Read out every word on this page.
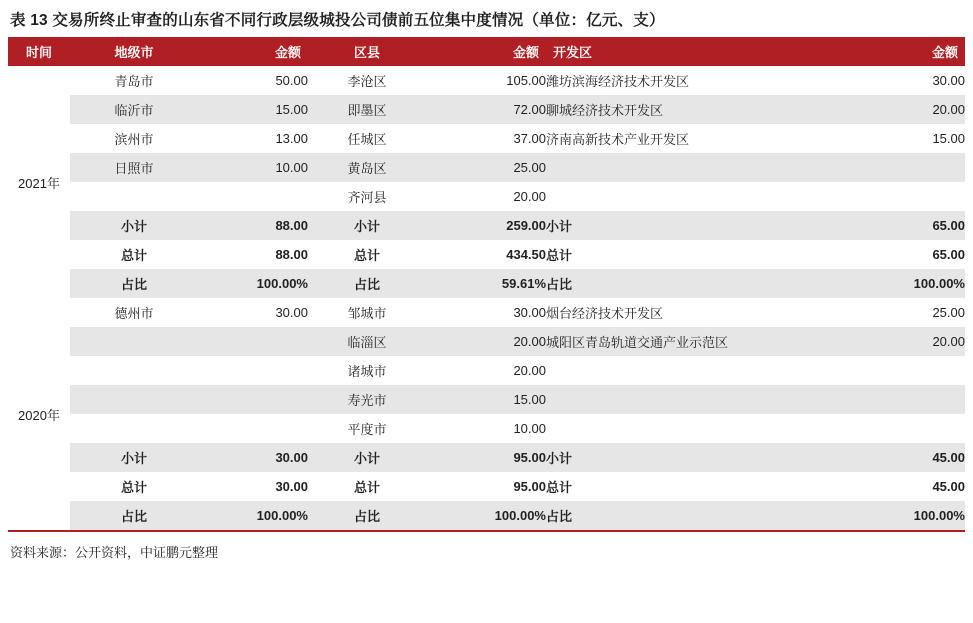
表 13 交易所终止审查的山东省不同行政层级城投公司债前五位集中度情况（单位：亿元、支）
时间	地级市	金额	区县	金额	开发区	金额
2021年	青岛市	50.00	李沧区	105.00	潍坊滨海经济技术开发区	30.00
	临沂市	15.00	即墨区	72.00	聊城经济技术开发区	20.00
	滨州市	13.00	任城区	37.00	济南高新技术产业开发区	15.00
	日照市	10.00	黄岛区	25.00		
			齐河县	20.00		
	小计	88.00	小计	259.00	小计	65.00
	总计	88.00	总计	434.50	总计	65.00
	占比	100.00%	占比	59.61%	占比	100.00%
2020年	德州市	30.00	邹城市	30.00	烟台经济技术开发区	25.00
			临淄区	20.00	城阳区青岛轨道交通产业示范区	20.00
			诸城市	20.00		
			寿光市	15.00		
			平度市	10.00		
	小计	30.00	小计	95.00	小计	45.00
	总计	30.00	总计	95.00	总计	45.00
	占比	100.00%	占比	100.00%	占比	100.00%
资料来源：公开资料，中证鹏元整理
